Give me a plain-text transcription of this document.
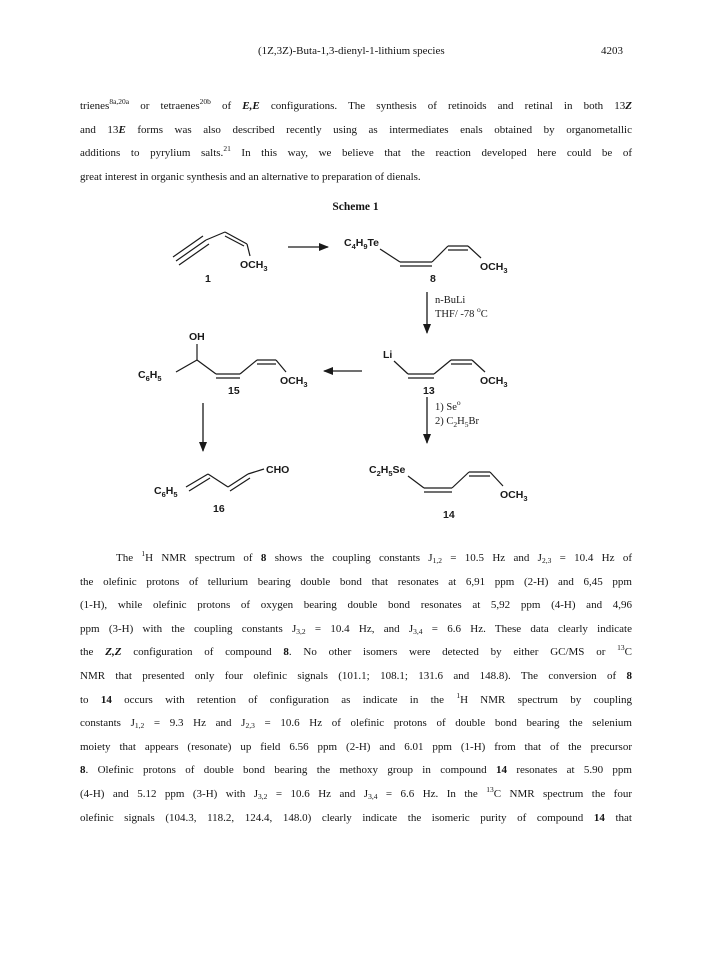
(1Z,3Z)-Buta-1,3-dienyl-1-lithium species	4203
trienes$^{8a,20a}$ or tetraenes$^{20b}$ of E,E configurations. The synthesis of retinoids and retinal in both 13Z
and 13E forms was also described recently using as intermediates enals obtained by organometallic
additions to pyrylium salts.$^{21}$ In this way, we believe that the reaction developed here could be of
great interest in organic synthesis and an alternative to preparation of dienals.
Scheme 1
$OCH_3$
1
$C_4H_9Te$
$OCH_3$
8
n-BuLi
THF/ -78 $^o$C
Li
$OCH_3$
13
OH
$C_6H_5$	$OCH_3$
15
1) Se$^o$
2) $C_2H_5Br$
$C_6H_5$
CHO
16
$C_2H_5Se$
$OCH_3$
14
The $^1$H NMR spectrum of 8 shows the coupling constants $J_{1,2} = 10.5$ Hz and $J_{2,3} = 10.4$ Hz of
the olefinic protons of tellurium bearing double bond that resonates at 6,91 ppm (2-H) and 6,45 ppm
(1-H), while olefinic protons of oxygen bearing double bond resonates at 5,92 ppm (4-H) and 4,96
ppm (3-H) with the coupling constants $J_{3,2} = 10.4$ Hz, and $J_{3,4} = 6.6$ Hz. These data clearly indicate
the Z,Z configuration of compound 8. No other isomers were detected by either GC/MS or $^{13}$C
NMR that presented only four olefinic signals (101.1; 108.1; 131.6 and 148.8). The conversion of 8
to 14 occurs with retention of configuration as indicate in the $^1$H NMR spectrum by coupling
constants $J_{1,2} = 9.3$ Hz and $J_{2,3} = 10.6$ Hz of olefinic protons of double bond bearing the selenium
moiety that appears (resonate) up field 6.56 ppm (2-H) and 6.01 ppm (1-H) from that of the precursor
8. Olefinic protons of double bond bearing the methoxy group in compound 14 resonates at 5.90 ppm
(4-H) and 5.12 ppm (3-H) with $J_{3,2} = 10.6$ Hz and $J_{3,4} = 6.6$ Hz. In the $^{13}$C NMR spectrum the four
olefinic signals (104.3, 118.2, 124.4, 148.0) clearly indicate the isomeric purity of compound 14 that
